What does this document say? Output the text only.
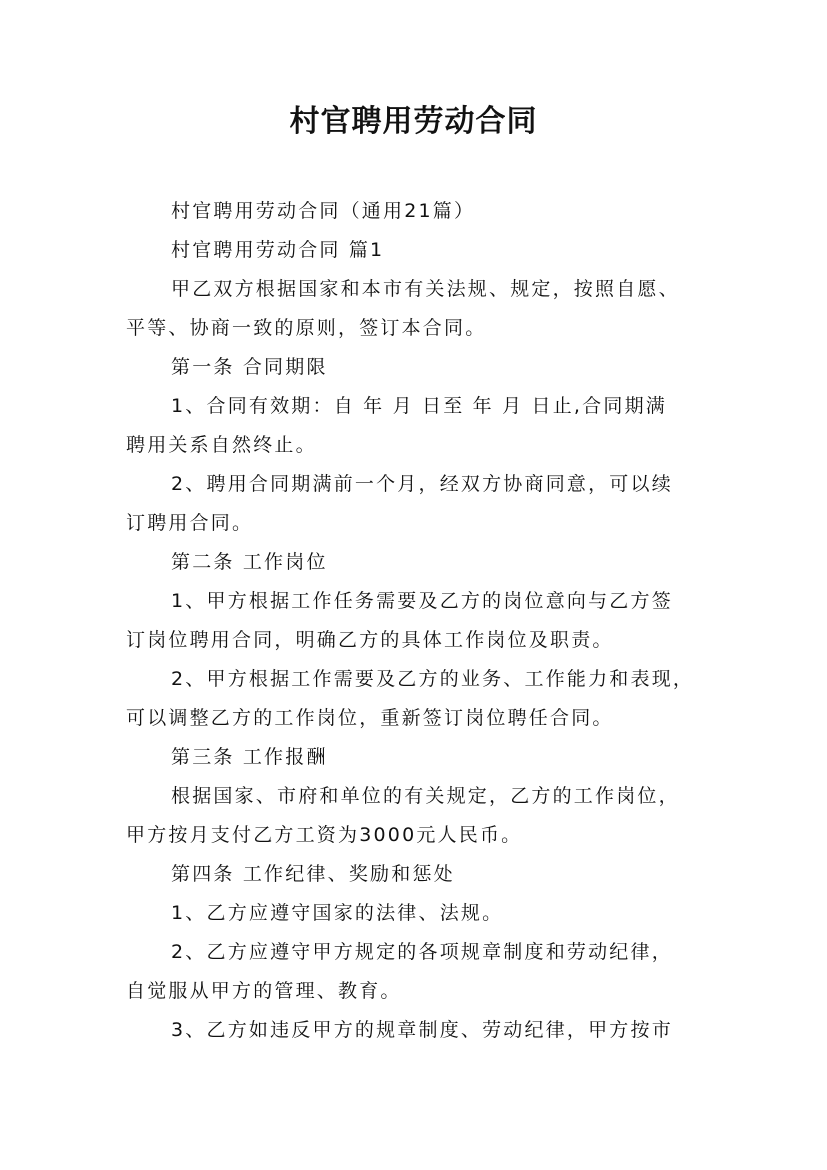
村官聘用劳动合同

村官聘用劳动合同（通用21篇）

村官聘用劳动合同 篇1

甲乙双方根据国家和本市有关法规、规定，按照自愿、
平等、协商一致的原则，签订本合同。

第一条 合同期限

1、合同有效期：自 年 月 日至 年 月 日止,合同期满
聘用关系自然终止。

2、聘用合同期满前一个月，经双方协商同意，可以续
订聘用合同。

第二条 工作岗位

1、甲方根据工作任务需要及乙方的岗位意向与乙方签
订岗位聘用合同，明确乙方的具体工作岗位及职责。

2、甲方根据工作需要及乙方的业务、工作能力和表现，
可以调整乙方的工作岗位，重新签订岗位聘任合同。

第三条 工作报酬

根据国家、市府和单位的有关规定，乙方的工作岗位，
甲方按月支付乙方工资为3000元人民币。

第四条 工作纪律、奖励和惩处

1、乙方应遵守国家的法律、法规。

2、乙方应遵守甲方规定的各项规章制度和劳动纪律，
自觉服从甲方的管理、教育。

3、乙方如违反甲方的规章制度、劳动纪律，甲方按市
